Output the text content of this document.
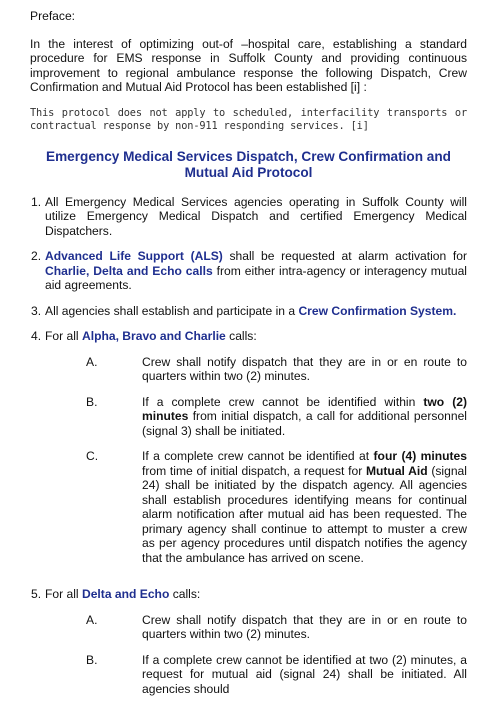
Preface:

In the interest of optimizing out-of –hospital care, establishing a standard procedure for EMS response in Suffolk County and providing continuous improvement to regional ambulance response the following Dispatch, Crew Confirmation and Mutual Aid Protocol has been established [i] :

This protocol does not apply to scheduled, interfacility transports or contractual response by non-911 responding services. [i]

Emergency Medical Services Dispatch, Crew Confirmation and Mutual Aid Protocol
1. All Emergency Medical Services agencies operating in Suffolk County will utilize Emergency Medical Dispatch and certified Emergency Medical Dispatchers.
2. Advanced Life Support (ALS) shall be requested at alarm activation for Charlie, Delta and Echo calls from either intra-agency or interagency mutual aid agreements.
3. All agencies shall establish and participate in a Crew Confirmation System.
4. For all Alpha, Bravo and Charlie calls:
A.	Crew shall notify dispatch that they are in or en route to quarters within two (2) minutes.
B.	If a complete crew cannot be identified within two (2) minutes from initial dispatch, a call for additional personnel (signal 3) shall be initiated.
C.	If a complete crew cannot be identified at four (4) minutes from time of initial dispatch, a request for Mutual Aid (signal 24) shall be initiated by the dispatch agency. All agencies shall establish procedures identifying means for continual alarm notification after mutual aid has been requested. The primary agency shall continue to attempt to muster a crew as per agency procedures until dispatch notifies the agency that the ambulance has arrived on scene.
5. For all Delta and Echo calls:
A.	Crew shall notify dispatch that they are in or en route to quarters within two (2) minutes.
B.	If a complete crew cannot be identified at two (2) minutes, a request for mutual aid (signal 24) shall be initiated. All agencies should
